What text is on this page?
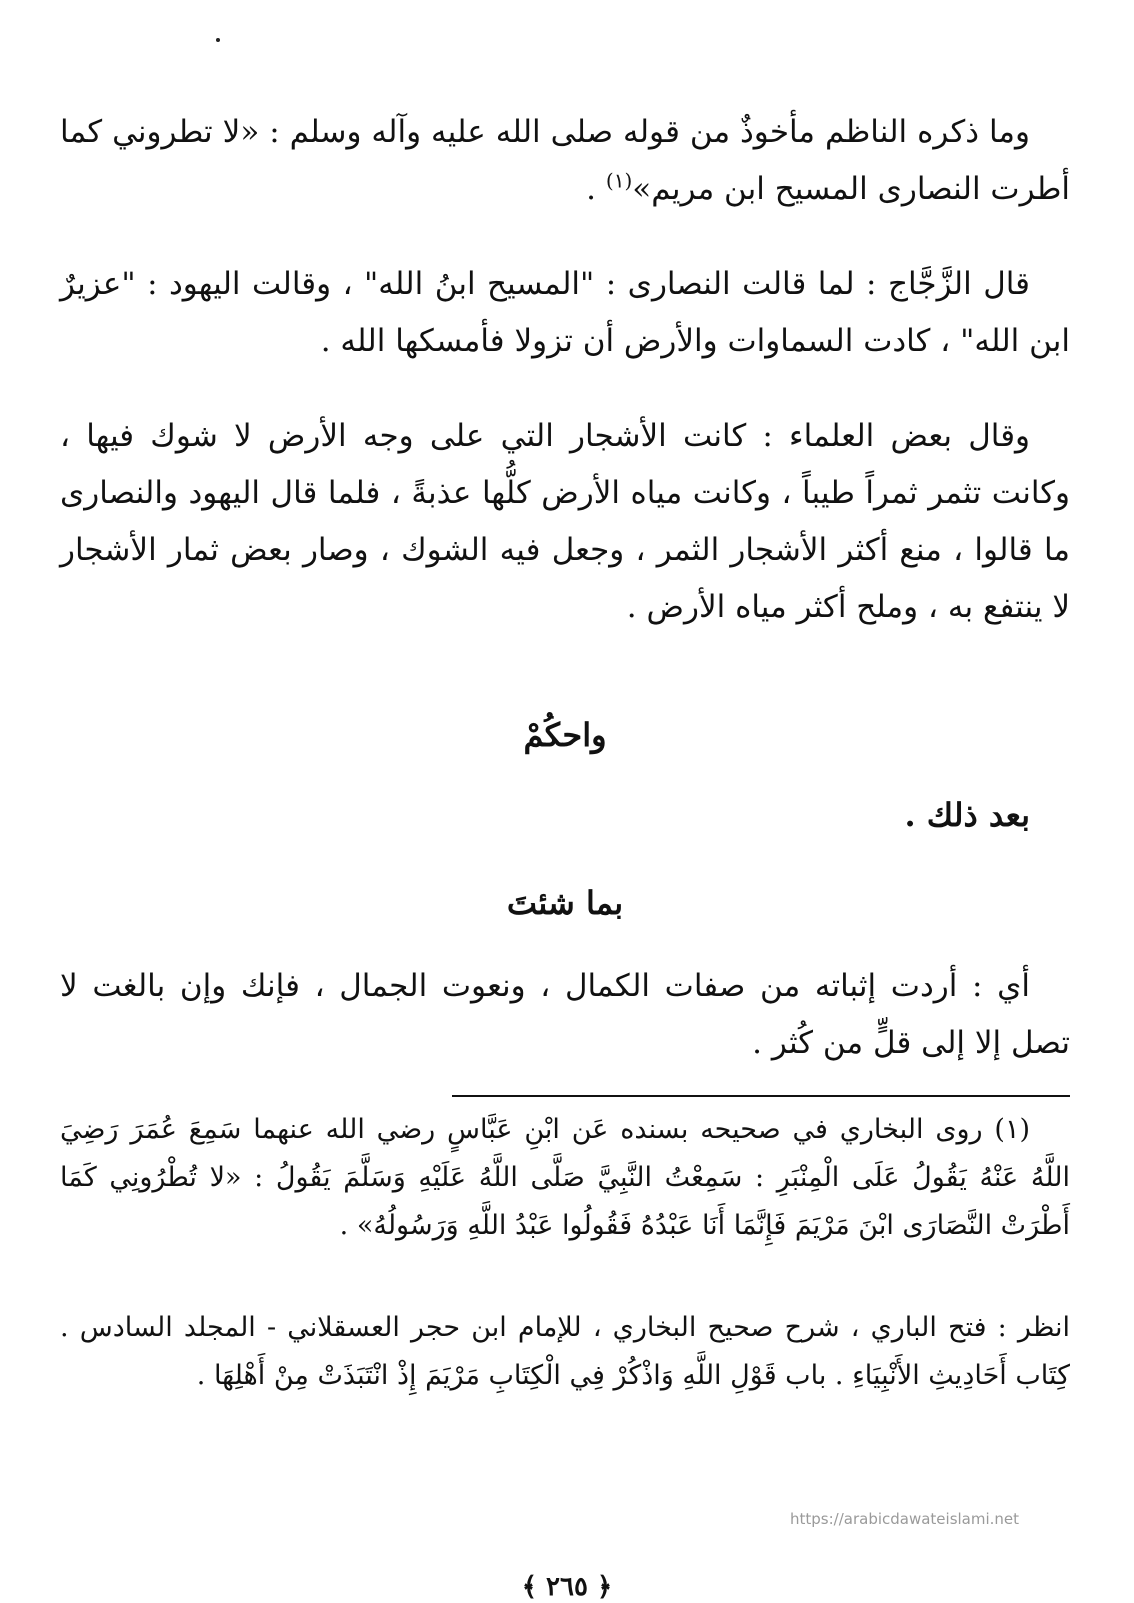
وما ذكره الناظم مأخوذٌ من قوله صلى الله عليه وآله وسلم : «لا تطروني كما أطرت النصارى المسيح ابن مريم»$^{(١)}$ .

قال الزَّجَّاج : لما قالت النصارى : "المسيح ابنُ الله" ، وقالت اليهود : "عزيرٌ ابن الله" ، كادت السماوات والأرض أن تزولا فأمسكها الله .

وقال بعض العلماء : كانت الأشجار التي على وجه الأرض لا شوك فيها ، وكانت تثمر ثمراً طيباً ، وكانت مياه الأرض كلُّها عذبةً ، فلما قال اليهود والنصارى ما قالوا ، منع أكثر الأشجار الثمر ، وجعل فيه الشوك ، وصار بعض ثمار الأشجار لا ينتفع به ، وملح أكثر مياه الأرض .

واحكُمْ

بعد ذلك .

بما شئتَ

أي : أردت إثباته من صفات الكمال ، ونعوت الجمال ، فإنك وإن بالغت لا تصل إلا إلى قلٍّ من كُثر .

(١) روى البخاري في صحيحه بسنده عَن ابْنِ عَبَّاسٍ رضي الله عنهما سَمِعَ عُمَرَ رَضِيَ اللَّهُ عَنْهُ يَقُولُ عَلَى الْمِنْبَرِ : سَمِعْتُ النَّبِيَّ صَلَّى اللَّهُ عَلَيْهِ وَسَلَّمَ يَقُولُ : «لا تُطْرُونِي كَمَا أَطْرَتْ النَّصَارَى ابْنَ مَرْيَمَ فَإِنَّمَا أَنَا عَبْدُهُ فَقُولُوا عَبْدُ اللَّهِ وَرَسُولُهُ» .

انظر : فتح الباري ، شرح صحيح البخاري ، للإمام ابن حجر العسقلاني - المجلد السادس . كِتَاب أَحَادِيثِ الأَنْبِيَاءِ . باب قَوْلِ اللَّهِ وَاذْكُرْ فِي الْكِتَابِ مَرْيَمَ إِذْ انْتَبَذَتْ مِنْ أَهْلِهَا .

https://arabicdawateislami.net

﴿ ٢٦٥ ﴾
